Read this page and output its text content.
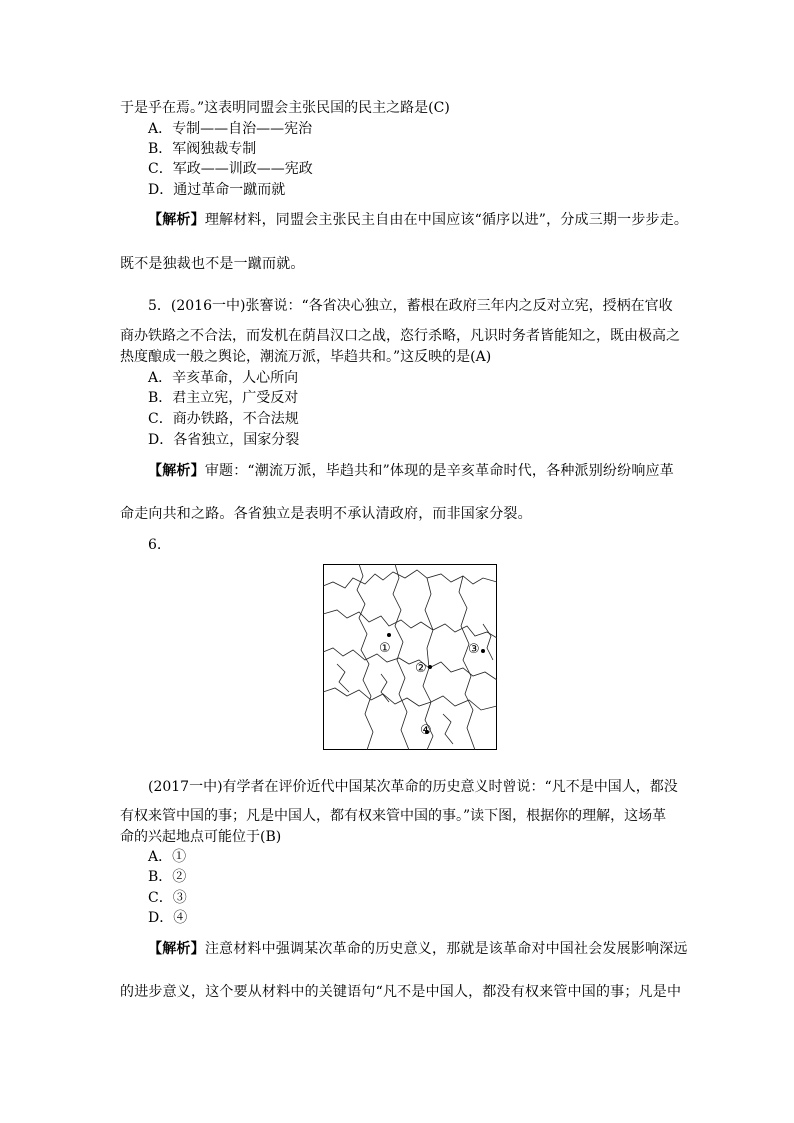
于是乎在焉。”这表明同盟会主张民国的民主之路是(C)
A．专制——自治——宪治
B．军阀独裁专制
C．军政——训政——宪政
D．通过革命一蹴而就
【解析】理解材料，同盟会主张民主自由在中国应该“循序以进”，分成三期一步步走。
既不是独裁也不是一蹴而就。
5．(2016一中)张謇说：“各省决心独立，蓄根在政府三年内之反对立宪，授柄在官收
商办铁路之不合法，而发机在荫昌汉口之战，恣行杀略，凡识时务者皆能知之，既由极高之
热度酿成一般之舆论，潮流万派，毕趋共和。”这反映的是(A)
A．辛亥革命，人心所向
B．君主立宪，广受反对
C．商办铁路，不合法规
D．各省独立，国家分裂
【解析】审题：“潮流万派，毕趋共和”体现的是辛亥革命时代，各种派别纷纷响应革
命走向共和之路。各省独立是表明不承认清政府，而非国家分裂。
6.
①
②
③
④
(2017一中)有学者在评价近代中国某次革命的历史意义时曾说：“凡不是中国人，都没
有权来管中国的事；凡是中国人，都有权来管中国的事。”读下图，根据你的理解，这场革
命的兴起地点可能位于(B)
A．①
B．②
C．③
D．④
【解析】注意材料中强调某次革命的历史意义，那就是该革命对中国社会发展影响深远
的进步意义，这个要从材料中的关键语句“凡不是中国人，都没有权来管中国的事；凡是中
